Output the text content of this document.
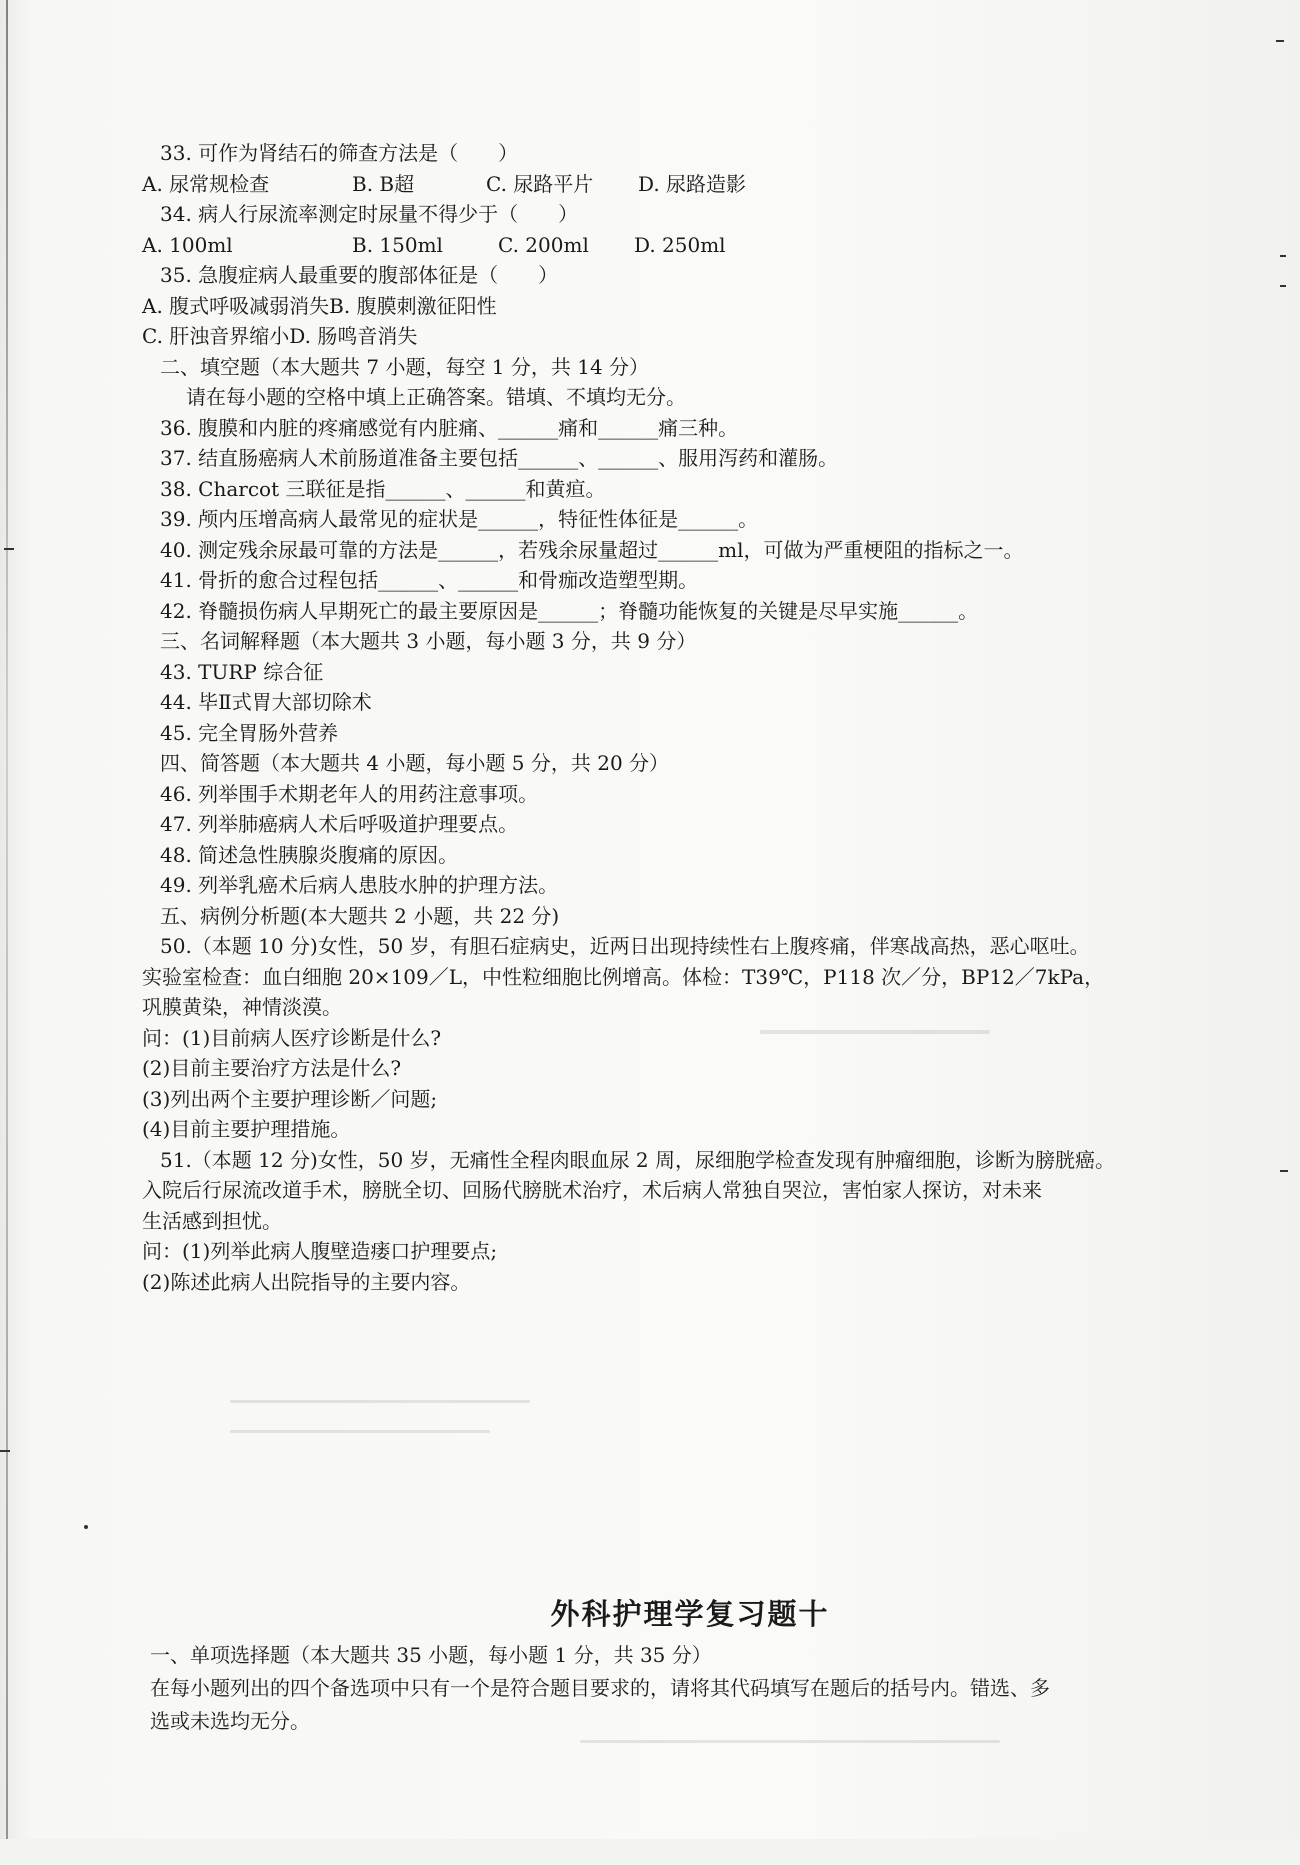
33. 可作为肾结石的筛查方法是（　　）
A. 尿常规检查	B. B超	C. 尿路平片 D. 尿路造影
34. 病人行尿流率测定时尿量不得少于（　　）
A. 100ml	B. 150ml	C. 200ml D. 250ml
35. 急腹症病人最重要的腹部体征是（　　）
A. 腹式呼吸减弱消失B. 腹膜刺激征阳性
C. 肝浊音界缩小D. 肠鸣音消失
二、填空题（本大题共 7 小题，每空 1 分，共 14 分）
请在每小题的空格中填上正确答案。错填、不填均无分。
36. 腹膜和内脏的疼痛感觉有内脏痛、______痛和______痛三种。
37. 结直肠癌病人术前肠道准备主要包括______、______、服用泻药和灌肠。
38. Charcot 三联征是指______、______和黄疸。
39. 颅内压增高病人最常见的症状是______，特征性体征是______。
40. 测定残余尿最可靠的方法是______，若残余尿量超过______ml，可做为严重梗阻的指标之一。
41. 骨折的愈合过程包括______、______和骨痂改造塑型期。
42. 脊髓损伤病人早期死亡的最主要原因是______；脊髓功能恢复的关键是尽早实施______。
三、名词解释题（本大题共 3 小题，每小题 3 分，共 9 分）
43. TURP 综合征
44. 毕Ⅱ式胃大部切除术
45. 完全胃肠外营养
四、简答题（本大题共 4 小题，每小题 5 分，共 20 分）
46. 列举围手术期老年人的用药注意事项。
47. 列举肺癌病人术后呼吸道护理要点。
48. 简述急性胰腺炎腹痛的原因。
49. 列举乳癌术后病人患肢水肿的护理方法。
五、病例分析题(本大题共 2 小题，共 22 分)
50.（本题 10 分)女性，50 岁，有胆石症病史，近两日出现持续性右上腹疼痛，伴寒战高热，恶心呕吐。
实验室检查：血白细胞 20×109／L，中性粒细胞比例增高。体检：T39℃，P118 次／分，BP12／7kPa，
巩膜黄染，神情淡漠。
问：(1)目前病人医疗诊断是什么?
(2)目前主要治疗方法是什么?
(3)列出两个主要护理诊断／问题;
(4)目前主要护理措施。
51.（本题 12 分)女性，50 岁，无痛性全程肉眼血尿 2 周，尿细胞学检查发现有肿瘤细胞，诊断为膀胱癌。
入院后行尿流改道手术，膀胱全切、回肠代膀胱术治疗，术后病人常独自哭泣，害怕家人探访，对未来
生活感到担忧。
问：(1)列举此病人腹壁造瘘口护理要点;
(2)陈述此病人出院指导的主要内容。
外科护理学复习题十
一、单项选择题（本大题共 35 小题，每小题 1 分，共 35 分）
在每小题列出的四个备选项中只有一个是符合题目要求的，请将其代码填写在题后的括号内。错选、多
选或未选均无分。
